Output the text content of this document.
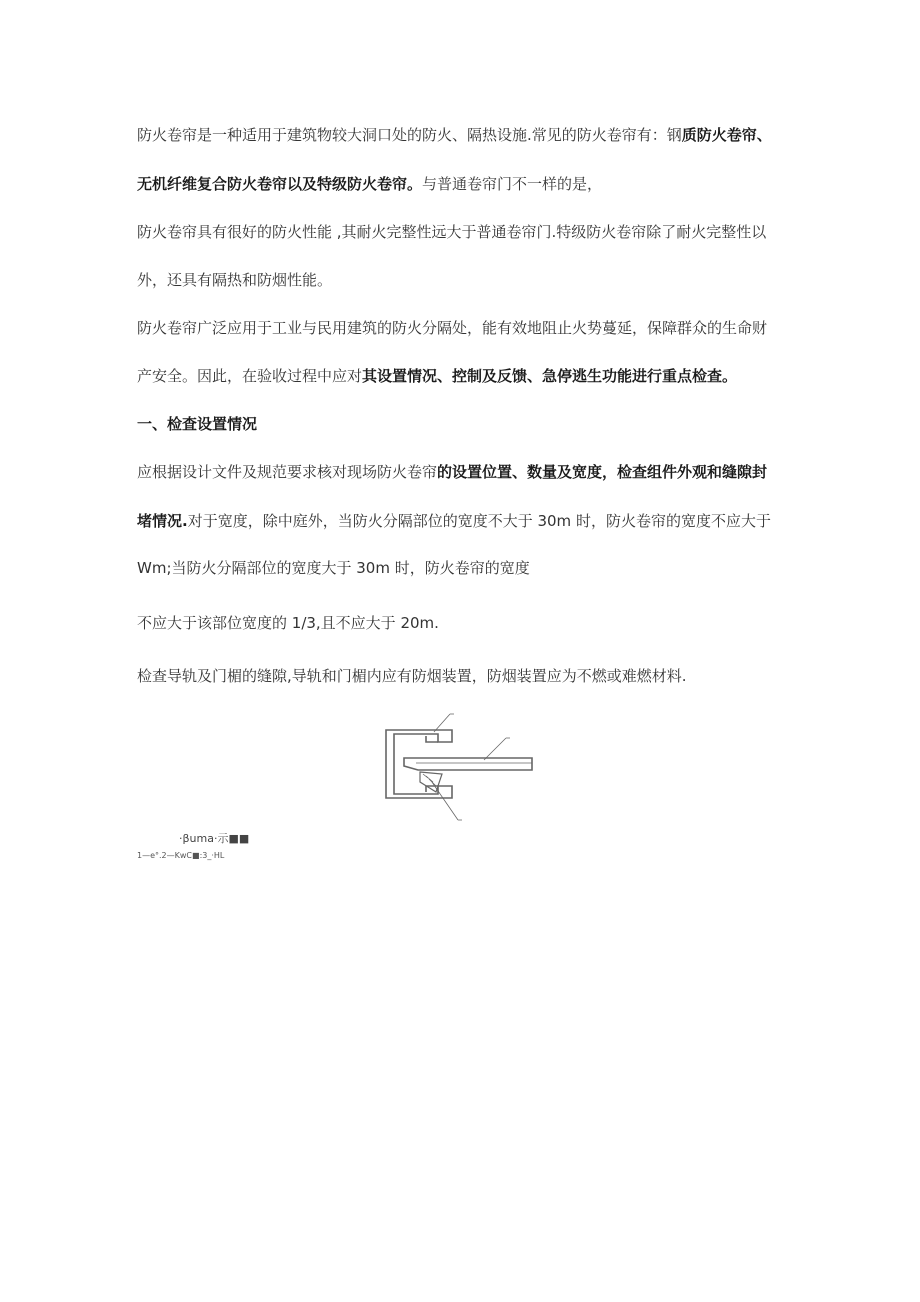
防火卷帘是一种适用于建筑物较大洞口处的防火、隔热设施.常见的防火卷帘有：钢质防火卷帘、
无机纤维复合防火卷帘以及特级防火卷帘。与普通卷帘门不一样的是，
防火卷帘具有很好的防火性能 ,其耐火完整性远大于普通卷帘门.特级防火卷帘除了耐火完整性以
外，还具有隔热和防烟性能。
防火卷帘广泛应用于工业与民用建筑的防火分隔处，能有效地阻止火势蔓延，保障群众的生命财
产安全。因此，在验收过程中应对其设置情况、控制及反馈、急停逃生功能进行重点检查。
一、检査设置情况
应根据设计文件及规范要求核对现场防火卷帘的设置位置、数量及宽度，检查组件外观和缝隙封
堵情况.对于宽度，除中庭外，当防火分隔部位的宽度不大于 30m 时，防火卷帘的宽度不应大于
Wm;当防火分隔部位的宽度大于 30m 时，防火卷帘的宽度
不应大于该部位宽度的 1/3,且不应大于 20m.
检查导轨及门楣的缝隙,导轨和门楣内应有防烟装置，防烟装置应为不燃或难燃材料.
·βuma·示■■
1—e°.2—KwC■:3_·HL
